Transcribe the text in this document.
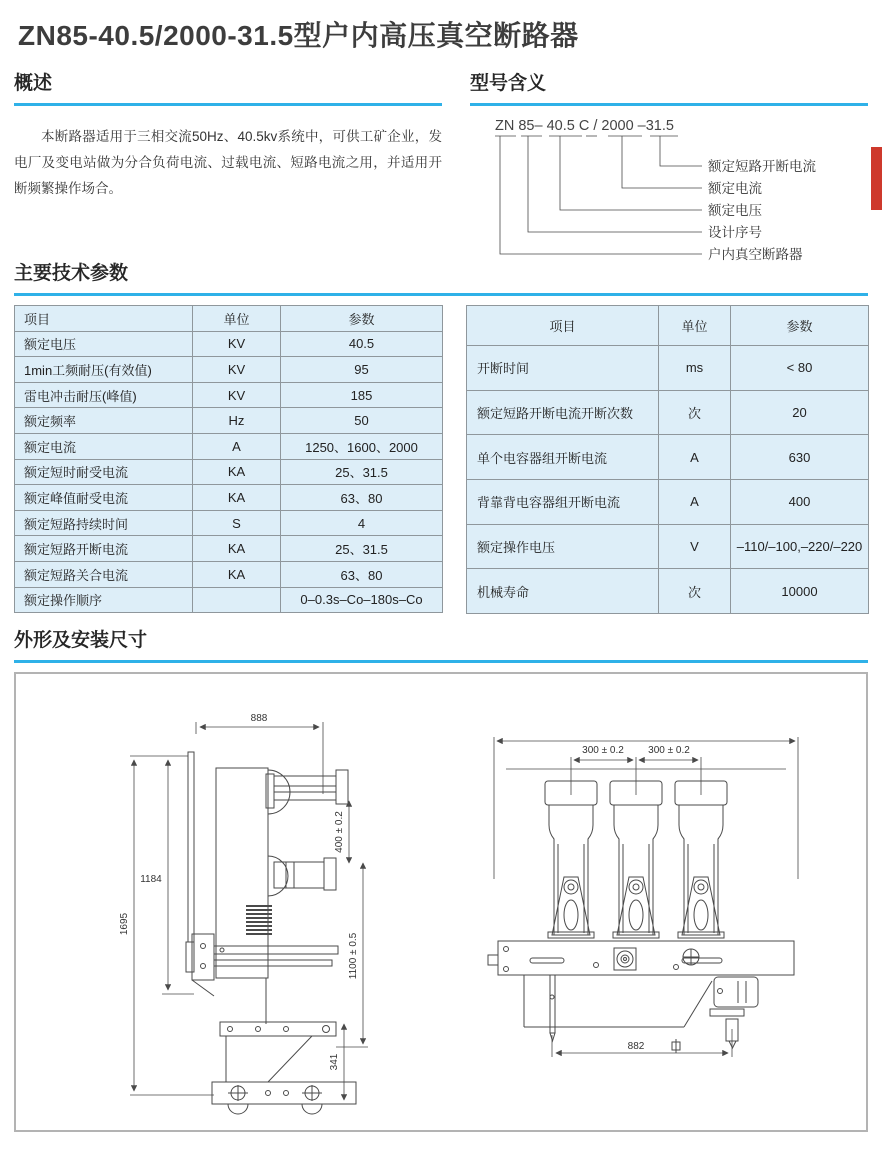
ZN85-40.5/2000-31.5型户内高压真空断路器
概述
本断路器适用于三相交流50Hz、40.5kv系统中，可供工矿企业，发电厂及变电站做为分合负荷电流、过载电流、短路电流之用，并适用开断频繁操作场合。
型号含义
ZN 85– 40.5 C / 2000 –31.5
额定短路开断电流
额定电流
额定电压
设计序号
户内真空断路器
主要技术参数
项目	单位	参数
额定电压	KV	40.5
1min工频耐压(有效值)	KV	95
雷电冲击耐压(峰值)	KV	185
额定频率	Hz	50
额定电流	A	1250、1600、2000
额定短时耐受电流	KA	25、31.5
额定峰值耐受电流	KA	63、80
额定短路持续时间	S	4
额定短路开断电流	KA	25、31.5
额定短路关合电流	KA	63、80
额定操作顺序		0–0.3s–Co–180s–Co
项目	单位	参数
开断时间	ms	< 80
额定短路开断电流开断次数	次	20
单个电容器组开断电流	A	630
背靠背电容器组开断电流	A	400
额定操作电压	V	–110/–100,–220/–220
机械寿命	次	10000
外形及安装尺寸
888
1695
1184
400 ± 0.2
1100 ± 0.5
341
300 ± 0.2 300 ± 0.2
882
